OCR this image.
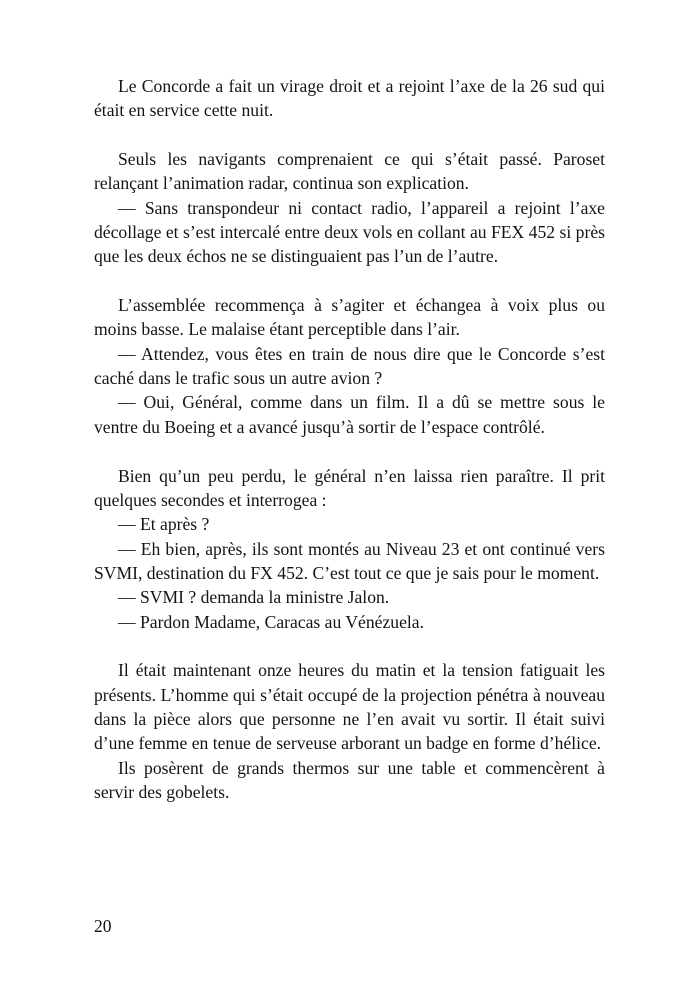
Le Concorde a fait un virage droit et a rejoint l’axe de la 26 sud qui était en service cette nuit.

Seuls les navigants comprenaient ce qui s’était passé. Paroset relançant l’animation radar, continua son explication.

— Sans transpondeur ni contact radio, l’appareil a rejoint l’axe décollage et s’est intercalé entre deux vols en collant au FEX 452 si près que les deux échos ne se distinguaient pas l’un de l’autre.

L’assemblée recommença à s’agiter et échangea à voix plus ou moins basse. Le malaise étant perceptible dans l’air.

— Attendez, vous êtes en train de nous dire que le Concorde s’est caché dans le trafic sous un autre avion ?

— Oui, Général, comme dans un film. Il a dû se mettre sous le ventre du Boeing et a avancé jusqu’à sortir de l’espace contrôlé.

Bien qu’un peu perdu, le général n’en laissa rien paraître. Il prit quelques secondes et interrogea :

— Et après ?

— Eh bien, après, ils sont montés au Niveau 23 et ont continué vers SVMI, destination du FX 452. C’est tout ce que je sais pour le moment.

— SVMI ? demanda la ministre Jalon.

— Pardon Madame, Caracas au Vénézuela.

Il était maintenant onze heures du matin et la tension fatiguait les présents. L’homme qui s’était occupé de la projection pénétra à nouveau dans la pièce alors que personne ne l’en avait vu sortir. Il était suivi d’une femme en tenue de serveuse arborant un badge en forme d’hélice.

Ils posèrent de grands thermos sur une table et commencèrent à servir des gobelets.

20
